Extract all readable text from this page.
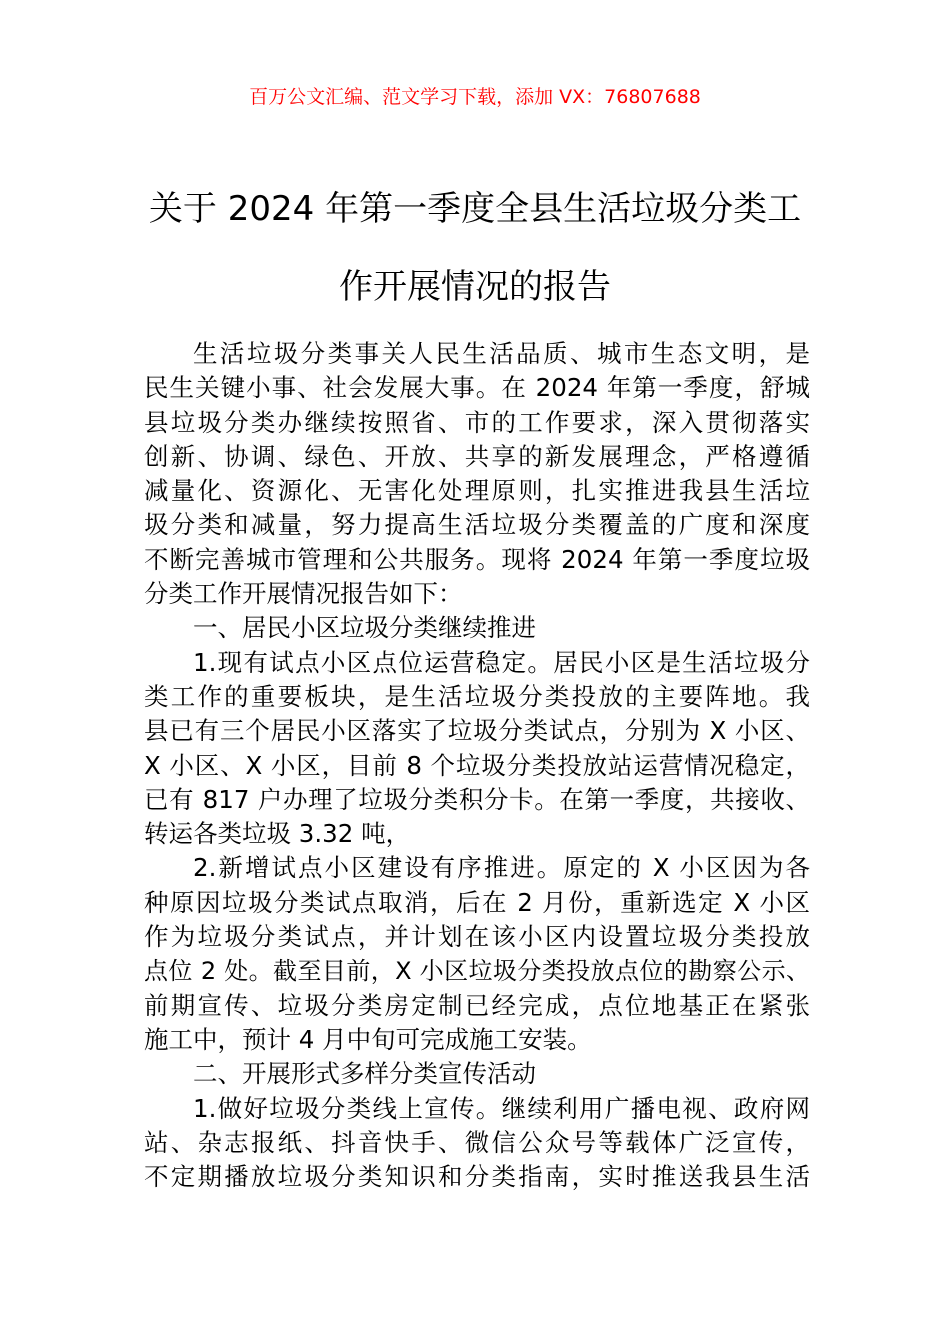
百万公文汇编、范文学习下载，添加 VX：76807688
关于 2024 年第一季度全县生活垃圾分类工
作开展情况的报告
生活垃圾分类事关人民生活品质、城市生态文明，是
民生关键小事、社会发展大事。在 2024 年第一季度，舒城
县垃圾分类办继续按照省、市的工作要求，深入贯彻落实
创新、协调、绿色、开放、共享的新发展理念，严格遵循
减量化、资源化、无害化处理原则，扎实推进我县生活垃
圾分类和减量，努力提高生活垃圾分类覆盖的广度和深度
不断完善城市管理和公共服务。现将 2024 年第一季度垃圾
分类工作开展情况报告如下：
一、居民小区垃圾分类继续推进
1.现有试点小区点位运营稳定。居民小区是生活垃圾分
类工作的重要板块，是生活垃圾分类投放的主要阵地。我
县已有三个居民小区落实了垃圾分类试点，分别为 X 小区、
X 小区、X 小区，目前 8 个垃圾分类投放站运营情况稳定，
已有 817 户办理了垃圾分类积分卡。在第一季度，共接收、
转运各类垃圾 3.32 吨，
2.新增试点小区建设有序推进。原定的 X 小区因为各
种原因垃圾分类试点取消，后在 2 月份，重新选定 X 小区
作为垃圾分类试点，并计划在该小区内设置垃圾分类投放
点位 2 处。截至目前，X 小区垃圾分类投放点位的勘察公示、
前期宣传、垃圾分类房定制已经完成，点位地基正在紧张
施工中，预计 4 月中旬可完成施工安装。
二、开展形式多样分类宣传活动
1.做好垃圾分类线上宣传。继续利用广播电视、政府网
站、杂志报纸、抖音快手、微信公众号等载体广泛宣传，
不定期播放垃圾分类知识和分类指南，实时推送我县生活
